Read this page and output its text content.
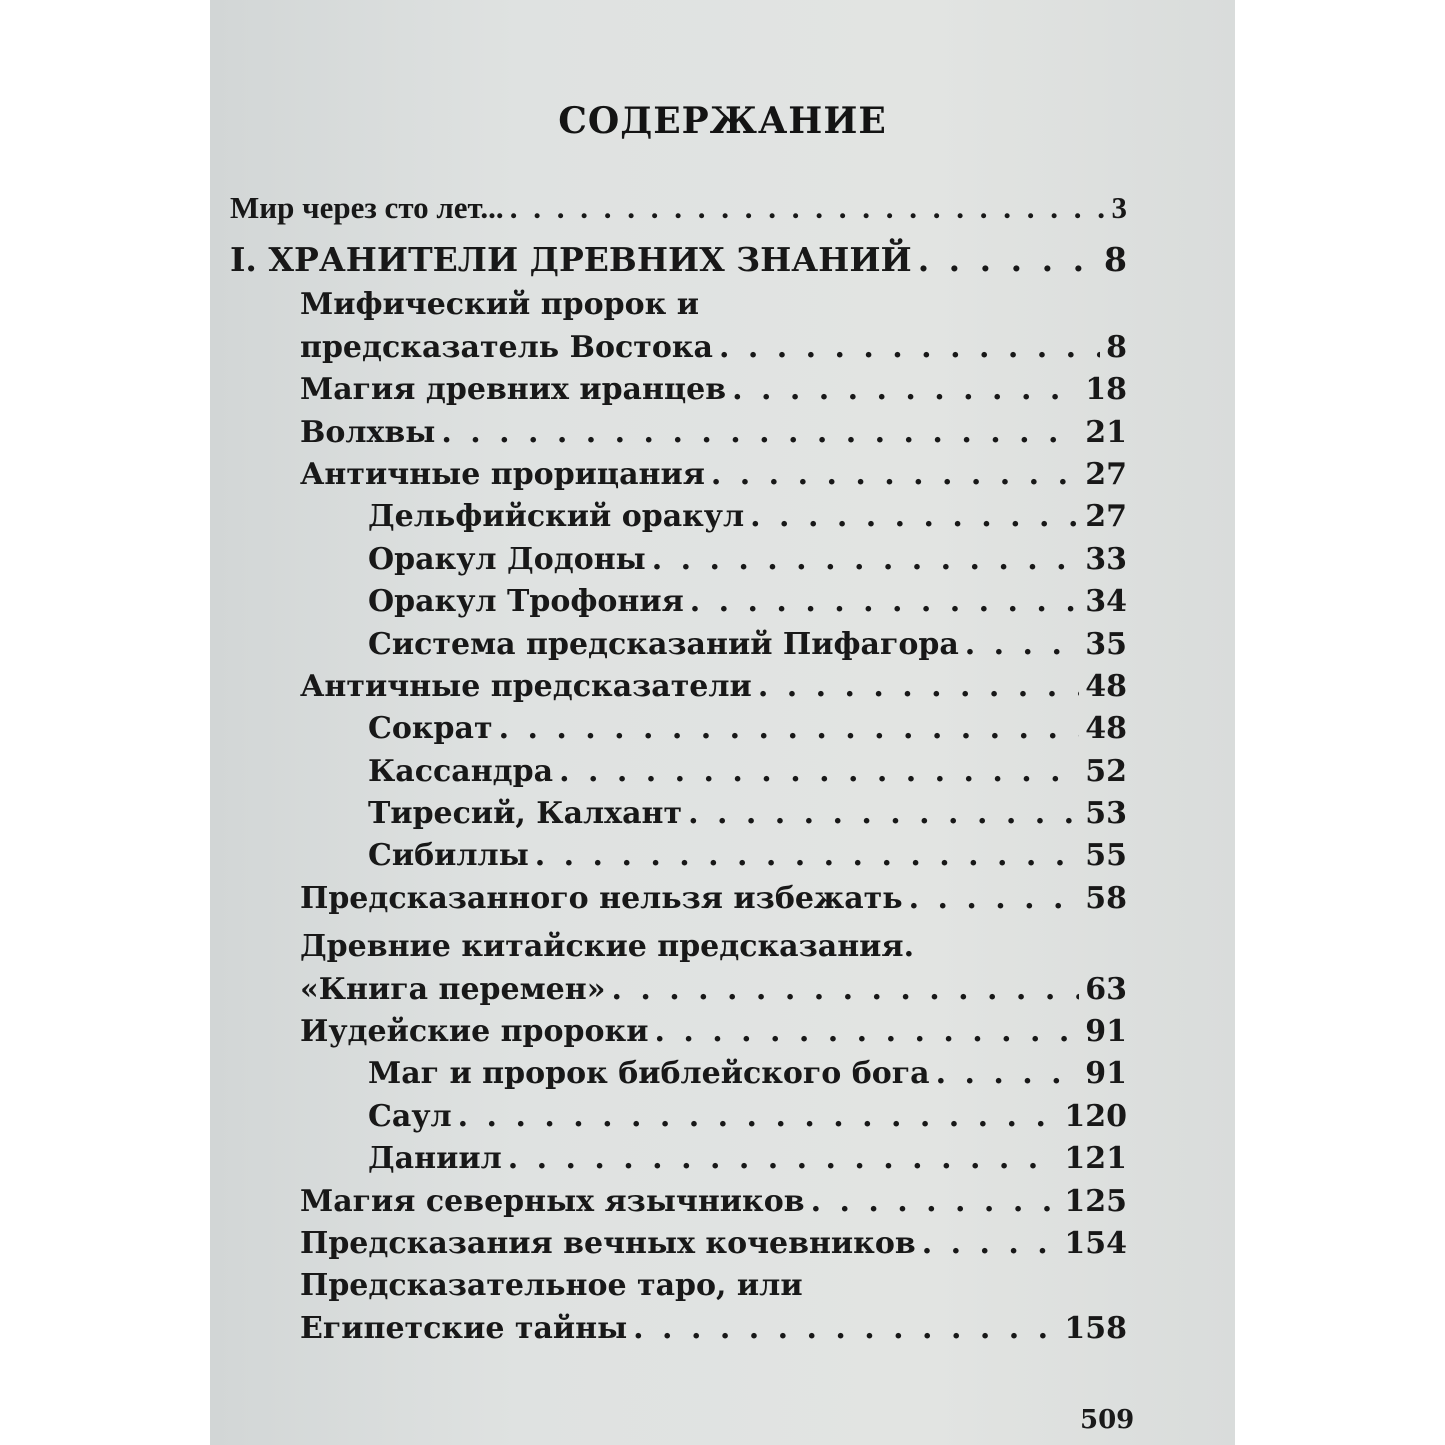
СОДЕРЖАНИЕ
Мир через сто лет... . . .	3
I. ХРАНИТЕЛИ ДРЕВНИХ ЗНАНИЙ . . .	8
Мифический пророк и
предсказатель Востока . . .	8
Магия древних иранцев . . .	18
Волхвы . . .	21
Античные прорицания . . .	27
Дельфийский оракул . . .	27
Оракул Додоны . . .	33
Оракул Трофония . . .	34
Система предсказаний Пифагора . . .	35
Античные предсказатели . . .	48
Сократ . . .	48
Кассандра . . .	52
Тиресий, Калхант . . .	53
Сибиллы . . .	55
Предсказанного нельзя избежать . . .	58
Древние китайские предсказания.
«Книга перемен» . . .	63
Иудейские пророки . . .	91
Маг и пророк библейского бога . . .	91
Саул . . .	120
Даниил . . .	121
Магия северных язычников . . .	125
Предсказания вечных кочевников . . .	154
Предсказательное таро, или
Египетские тайны . . .	158
509
